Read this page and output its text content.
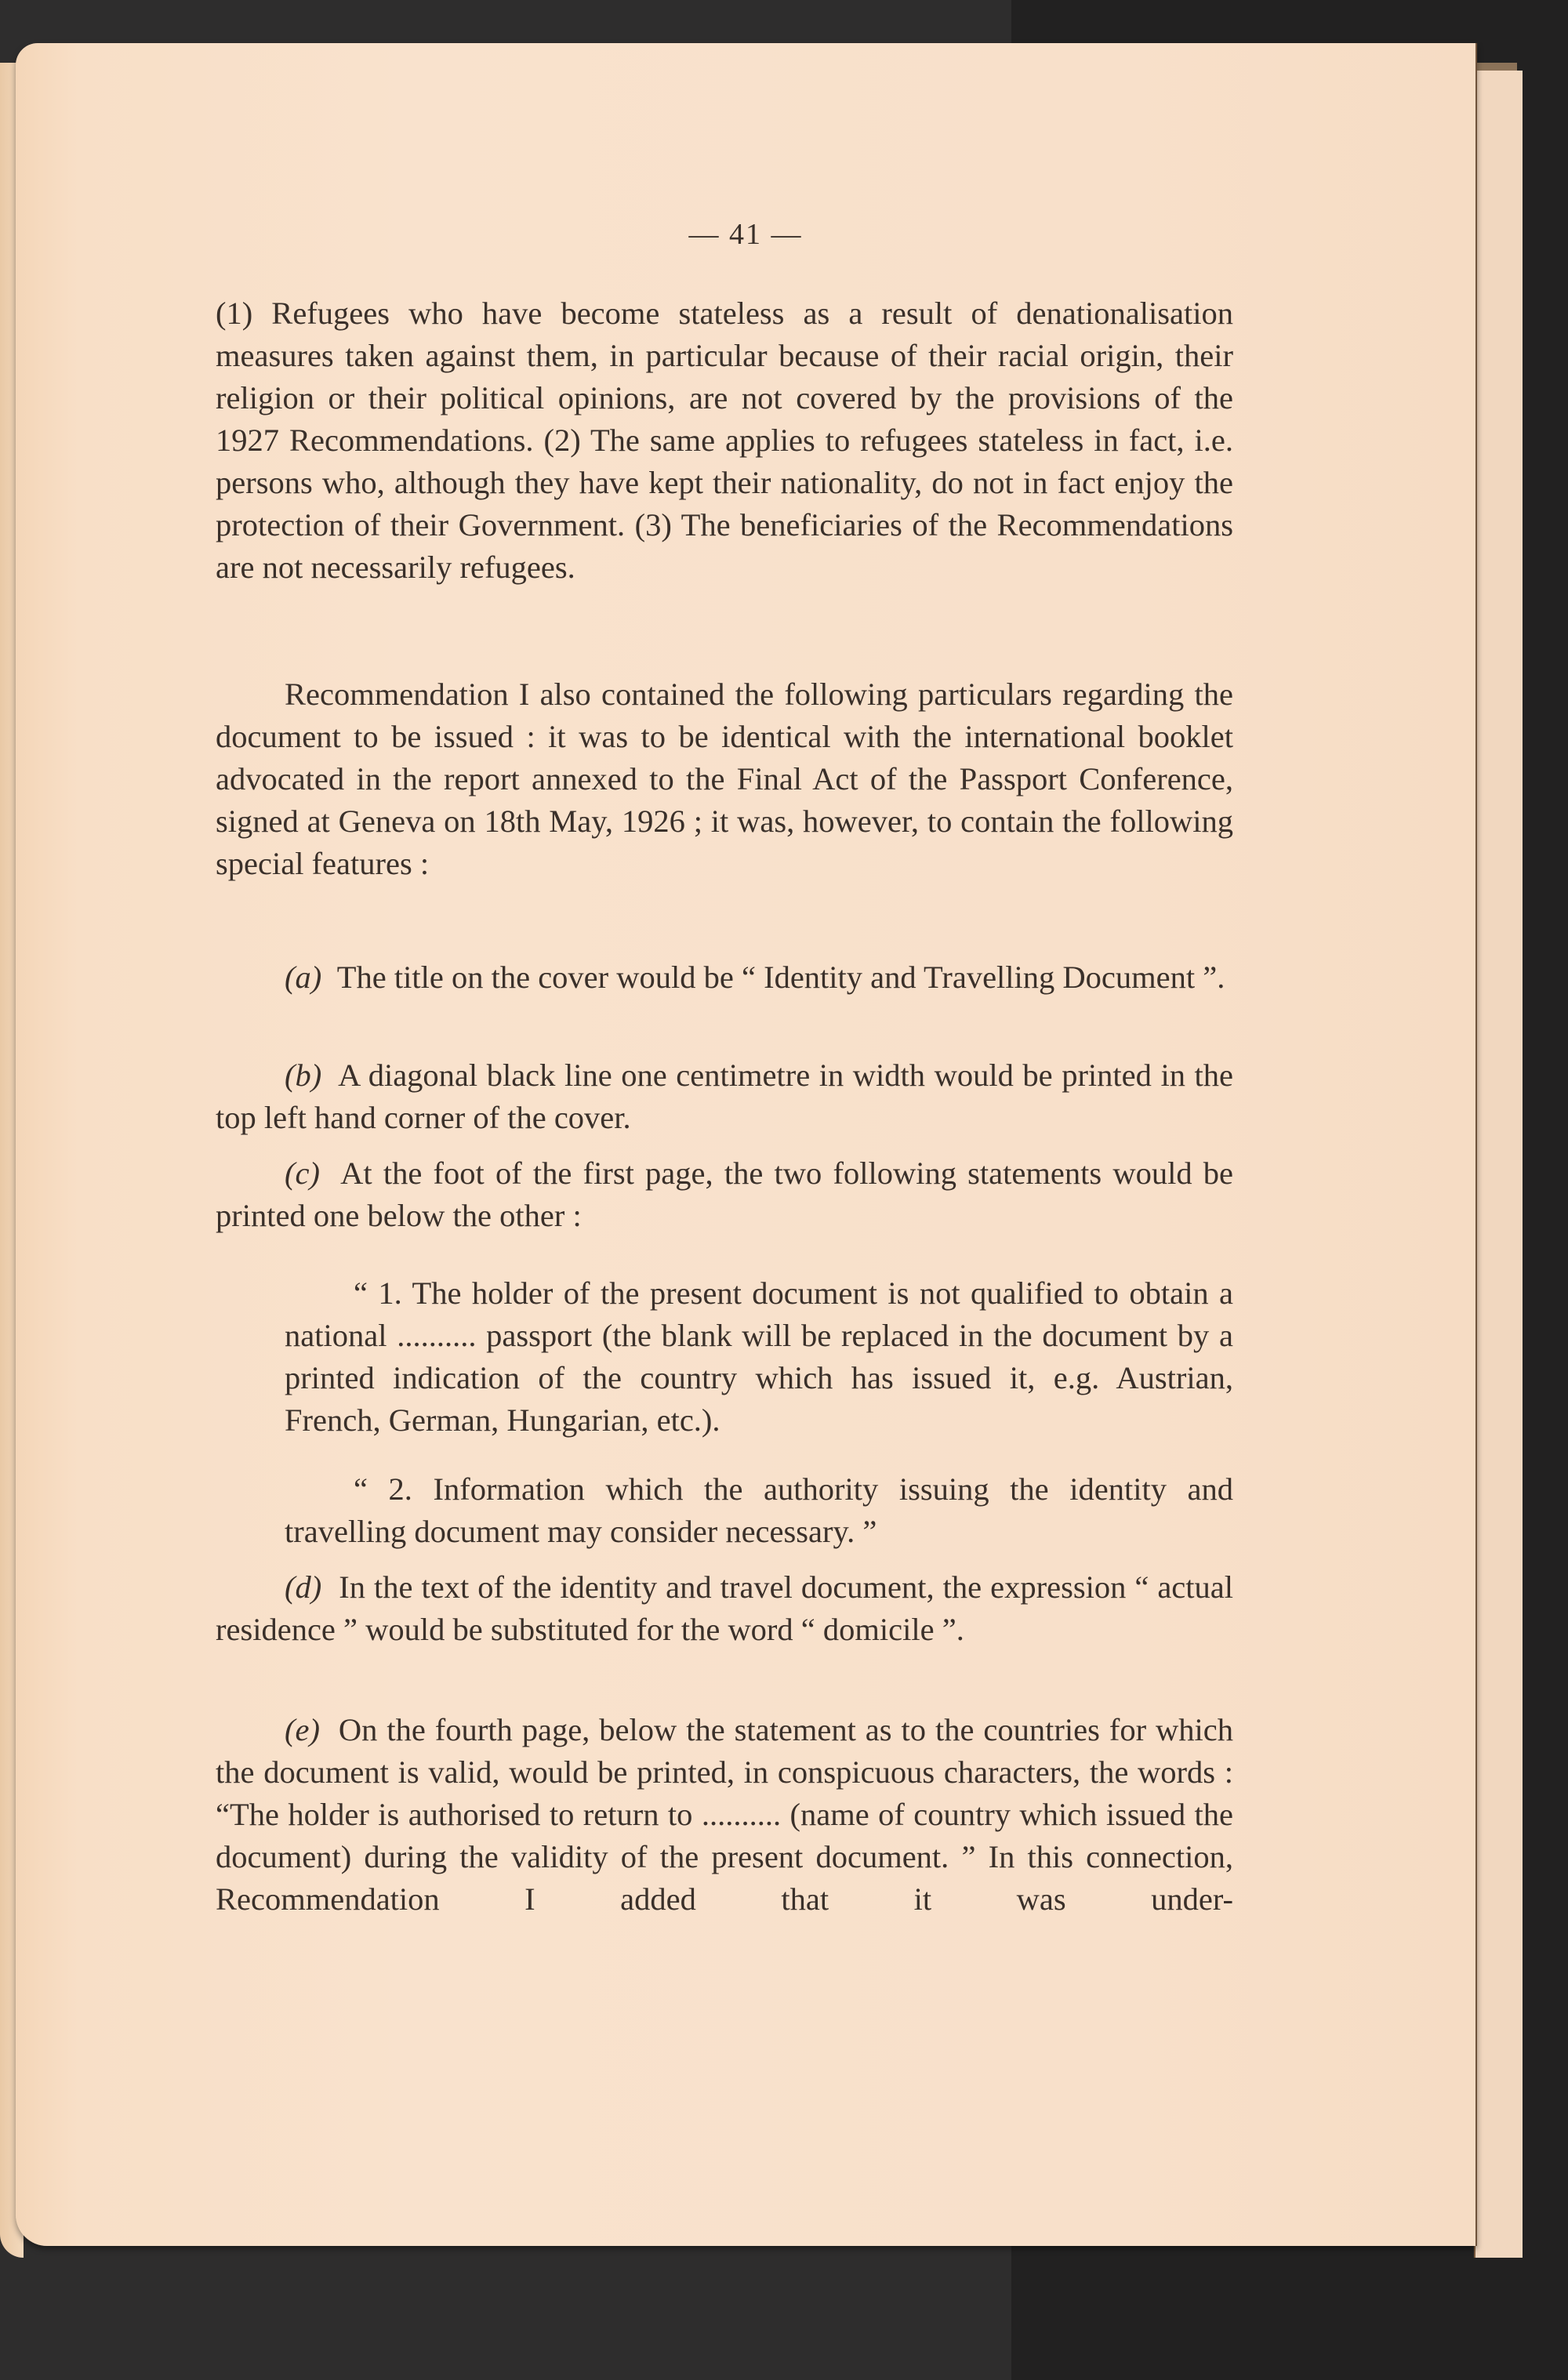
— 41 —

(1) Refugees who have become stateless as a result of denationalisation measures taken against them, in particular because of their racial origin, their religion or their political opinions, are not covered by the provisions of the 1927 Recommendations. (2) The same applies to refugees stateless in fact, i.e. persons who, although they have kept their nationality, do not in fact enjoy the protection of their Government. (3) The beneficiaries of the Recommendations are not necessarily refugees.

Recommendation I also contained the following particulars regarding the document to be issued : it was to be identical with the international booklet advocated in the report annexed to the Final Act of the Passport Conference, signed at Geneva on 18th May, 1926 ; it was, however, to contain the following special features :

(a) The title on the cover would be “ Identity and Travelling Document ”.

(b) A diagonal black line one centimetre in width would be printed in the top left hand corner of the cover.

(c) At the foot of the first page, the two following statements would be printed one below the other :

“ 1. The holder of the present document is not qualified to obtain a national .......... passport (the blank will be replaced in the document by a printed indication of the country which has issued it, e.g. Austrian, French, German, Hungarian, etc.).

“ 2. Information which the authority issuing the identity and travelling document may consider necessary. ”

(d) In the text of the identity and travel document, the expression “ actual residence ” would be substituted for the word “ domicile ”.

(e) On the fourth page, below the statement as to the countries for which the document is valid, would be printed, in conspicuous characters, the words : “The holder is authorised to return to .......... (name of country which issued the document) during the validity of the present document. ” In this connection, Recommendation I added that it was under-
